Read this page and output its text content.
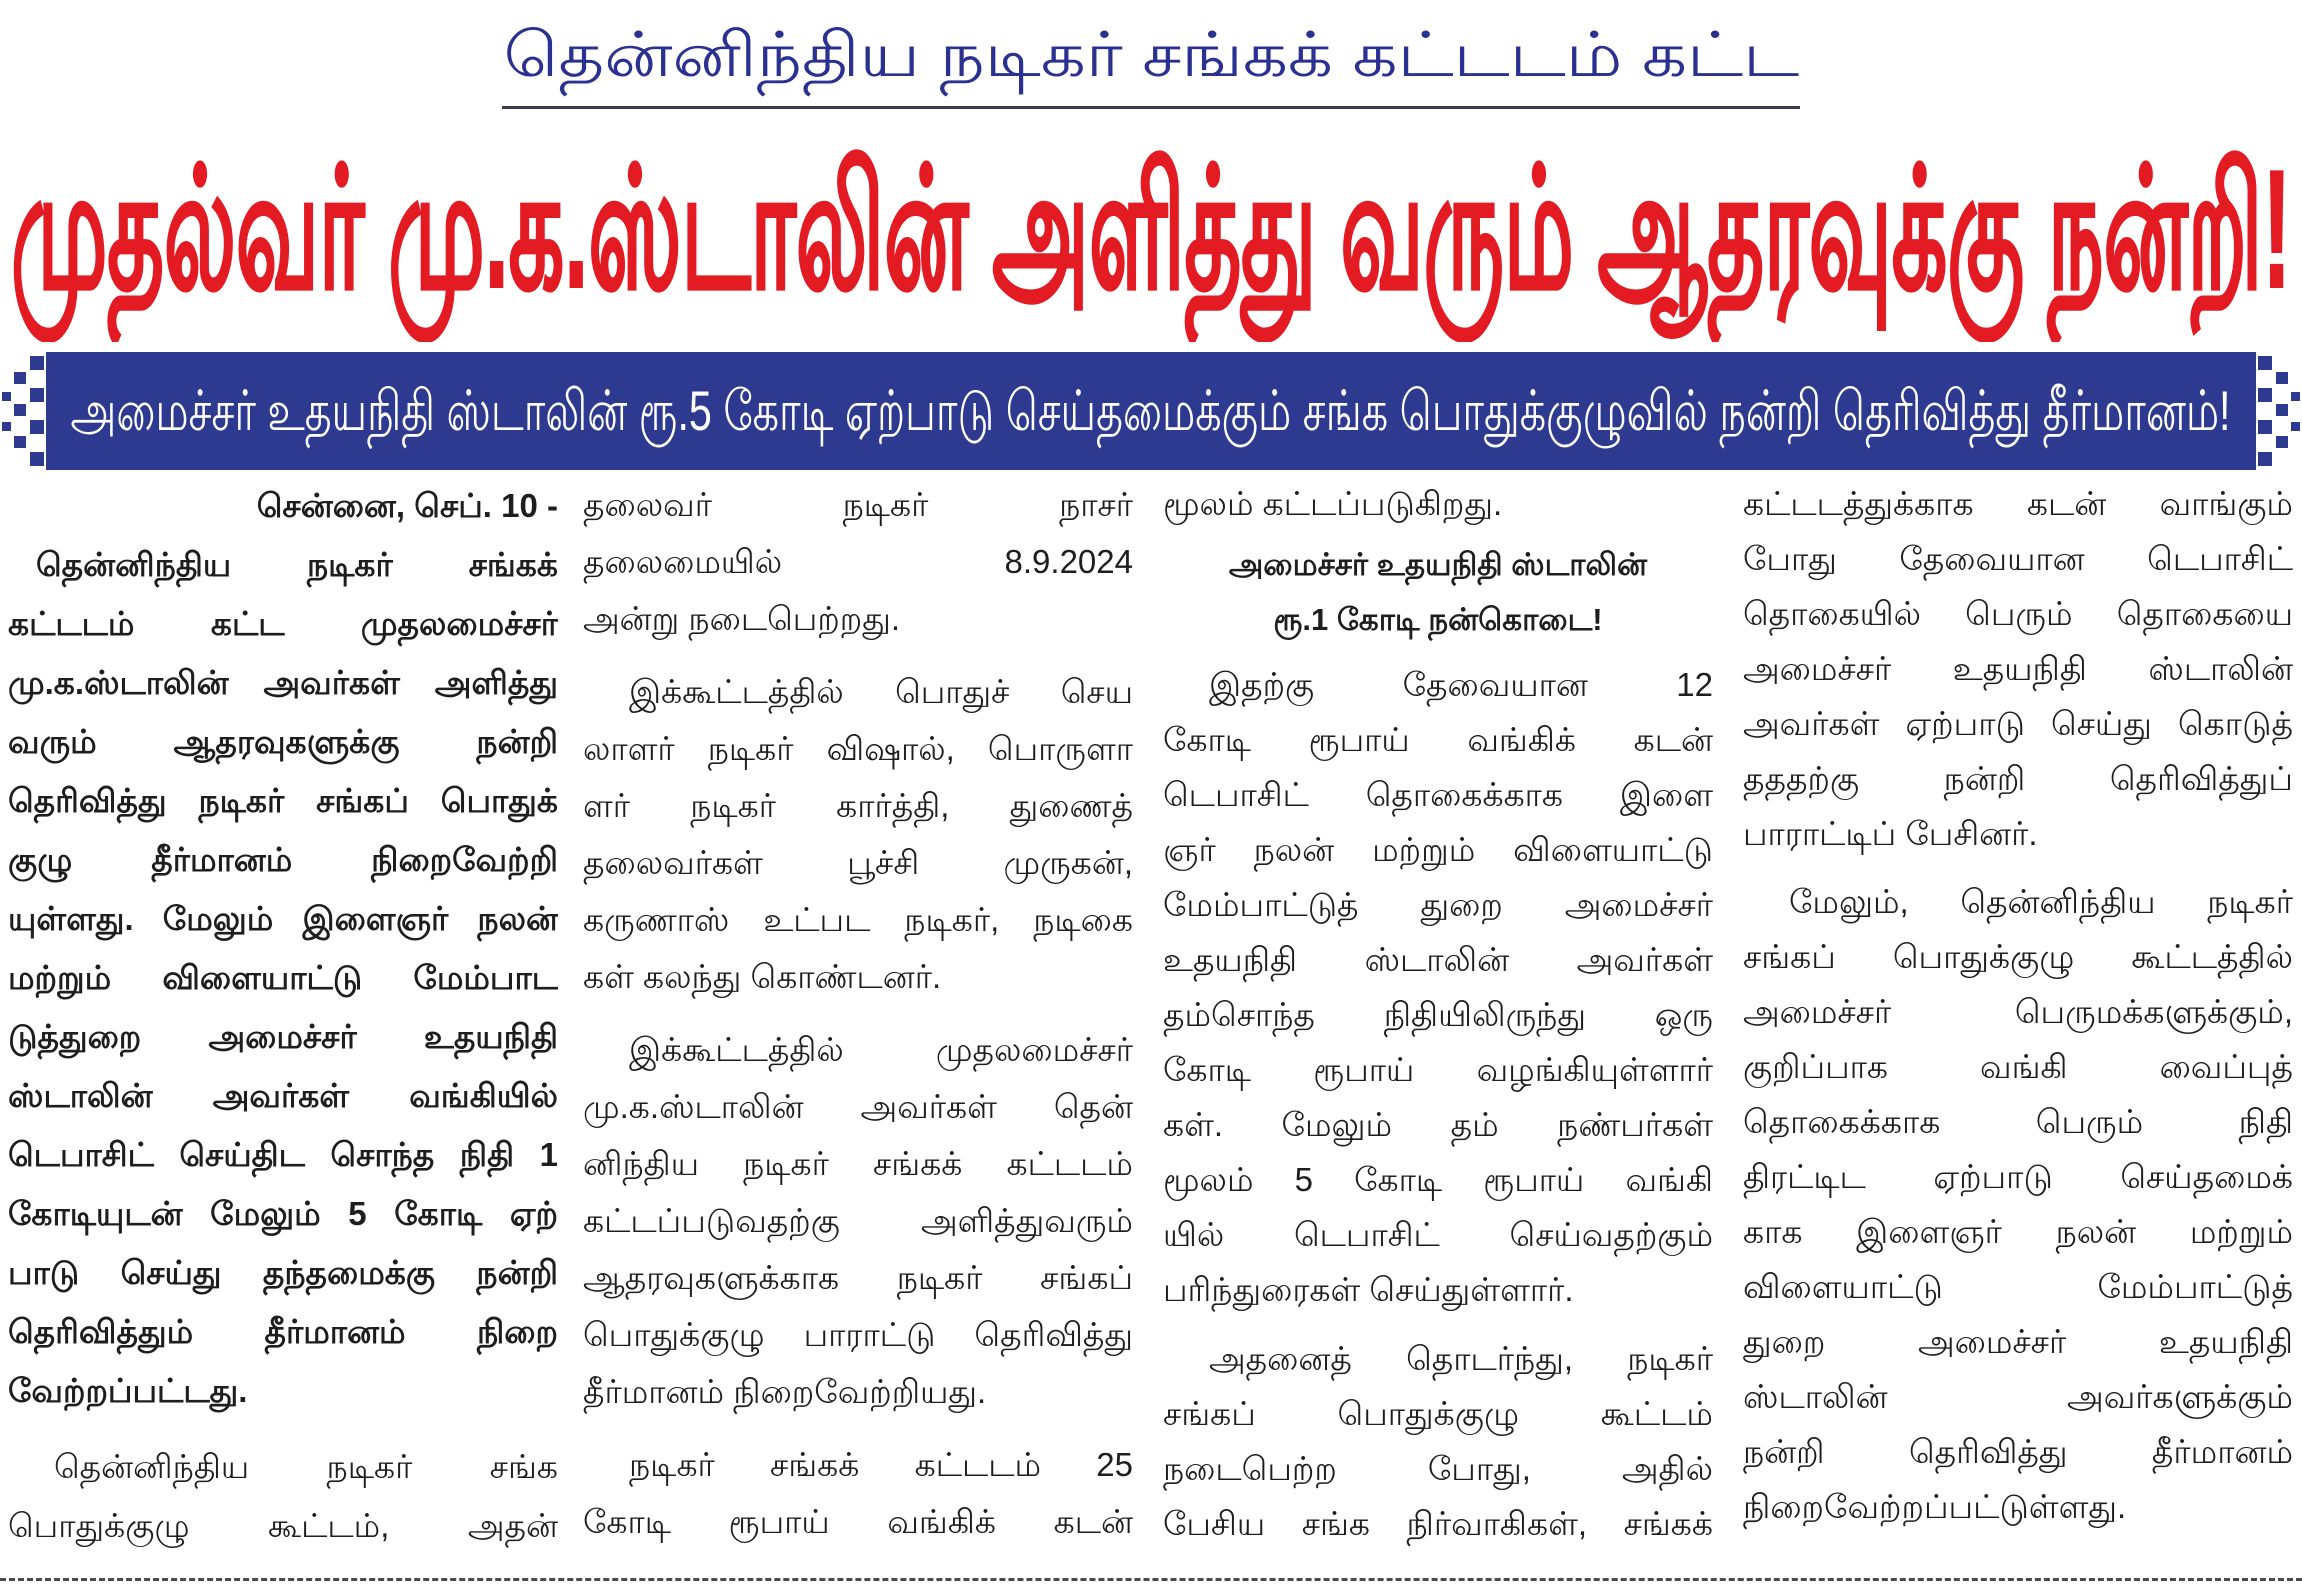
தென்னிந்திய நடிகர் சங்கக் கட்டடம் கட்ட
முதல்வர் மு.க.ஸ்டாலின் அளித்து வரும் ஆதரவுக்கு நன்றி!
அமைச்சர் உதயநிதி ஸ்டாலின் ரூ.5 கோடி ஏற்பாடு செய்தமைக்கும் சங்க பொதுக்குழுவில் நன்றி தெரிவித்து தீர்மானம்!
சென்னை, செப். 10 -
தென்னிந்திய நடிகர் சங்கக்
கட்டடம் கட்ட முதலமைச்சர்
மு.க.ஸ்டாலின் அவர்கள் அளித்து
வரும் ஆதரவுகளுக்கு நன்றி
தெரிவித்து நடிகர் சங்கப் பொதுக்
குழு தீர்மானம் நிறைவேற்றி
யுள்ளது. மேலும் இளைஞர் நலன்
மற்றும் விளையாட்டு மேம்பாட
டுத்துறை அமைச்சர் உதயநிதி
ஸ்டாலின் அவர்கள் வங்கியில்
டெபாசிட் செய்திட சொந்த நிதி 1
கோடியுடன் மேலும் 5 கோடி ஏற்
பாடு செய்து தந்தமைக்கு நன்றி
தெரிவித்தும் தீர்மானம் நிறை
வேற்றப்பட்டது.
தென்னிந்திய நடிகர் சங்க
பொதுக்குழு கூட்டம், அதன்
தலைவர் நடிகர் நாசர்
தலைமையில் 8.9.2024
அன்று நடைபெற்றது.
இக்கூட்டத்தில் பொதுச் செய
லாளர் நடிகர் விஷால், பொருளா
ளர் நடிகர் கார்த்தி, துணைத்
தலைவர்கள் பூச்சி முருகன்,
கருணாஸ் உட்பட நடிகர், நடிகை
கள் கலந்து கொண்டனர்.
இக்கூட்டத்தில் முதலமைச்சர்
மு.க.ஸ்டாலின் அவர்கள் தென்
னிந்திய நடிகர் சங்கக் கட்டடம்
கட்டப்படுவதற்கு அளித்துவரும்
ஆதரவுகளுக்காக நடிகர் சங்கப்
பொதுக்குழு பாராட்டு தெரிவித்து
தீர்மானம் நிறைவேற்றியது.
நடிகர் சங்கக் கட்டடம் 25
கோடி ரூபாய் வங்கிக் கடன்
மூலம் கட்டப்படுகிறது.
அமைச்சர் உதயநிதி ஸ்டாலின்
ரூ.1 கோடி நன்கொடை!
இதற்கு தேவையான 12
கோடி ரூபாய் வங்கிக் கடன்
டெபாசிட் தொகைக்காக இளை
ஞர் நலன் மற்றும் விளையாட்டு
மேம்பாட்டுத் துறை அமைச்சர்
உதயநிதி ஸ்டாலின் அவர்கள்
தம்சொந்த நிதியிலிருந்து ஒரு
கோடி ரூபாய் வழங்கியுள்ளார்
கள். மேலும் தம் நண்பர்கள்
மூலம் 5 கோடி ரூபாய் வங்கி
யில் டெபாசிட் செய்வதற்கும்
பரிந்துரைகள் செய்துள்ளார்.
அதனைத் தொடர்ந்து, நடிகர்
சங்கப் பொதுக்குழு கூட்டம்
நடைபெற்ற போது, அதில்
பேசிய சங்க நிர்வாகிகள், சங்கக்
கட்டடத்துக்காக கடன் வாங்கும்
போது தேவையான டெபாசிட்
தொகையில் பெரும் தொகையை
அமைச்சர் உதயநிதி ஸ்டாலின்
அவர்கள் ஏற்பாடு செய்து கொடுத்
தததற்கு நன்றி தெரிவித்துப்
பாராட்டிப் பேசினர்.
மேலும், தென்னிந்திய நடிகர்
சங்கப் பொதுக்குழு கூட்டத்தில்
அமைச்சர் பெருமக்களுக்கும்,
குறிப்பாக வங்கி வைப்புத்
தொகைக்காக பெரும் நிதி
திரட்டிட ஏற்பாடு செய்தமைக்
காக இளைஞர் நலன் மற்றும்
விளையாட்டு மேம்பாட்டுத்
துறை அமைச்சர் உதயநிதி
ஸ்டாலின் அவர்களுக்கும்
நன்றி தெரிவித்து தீர்மானம்
நிறைவேற்றப்பட்டுள்ளது.
